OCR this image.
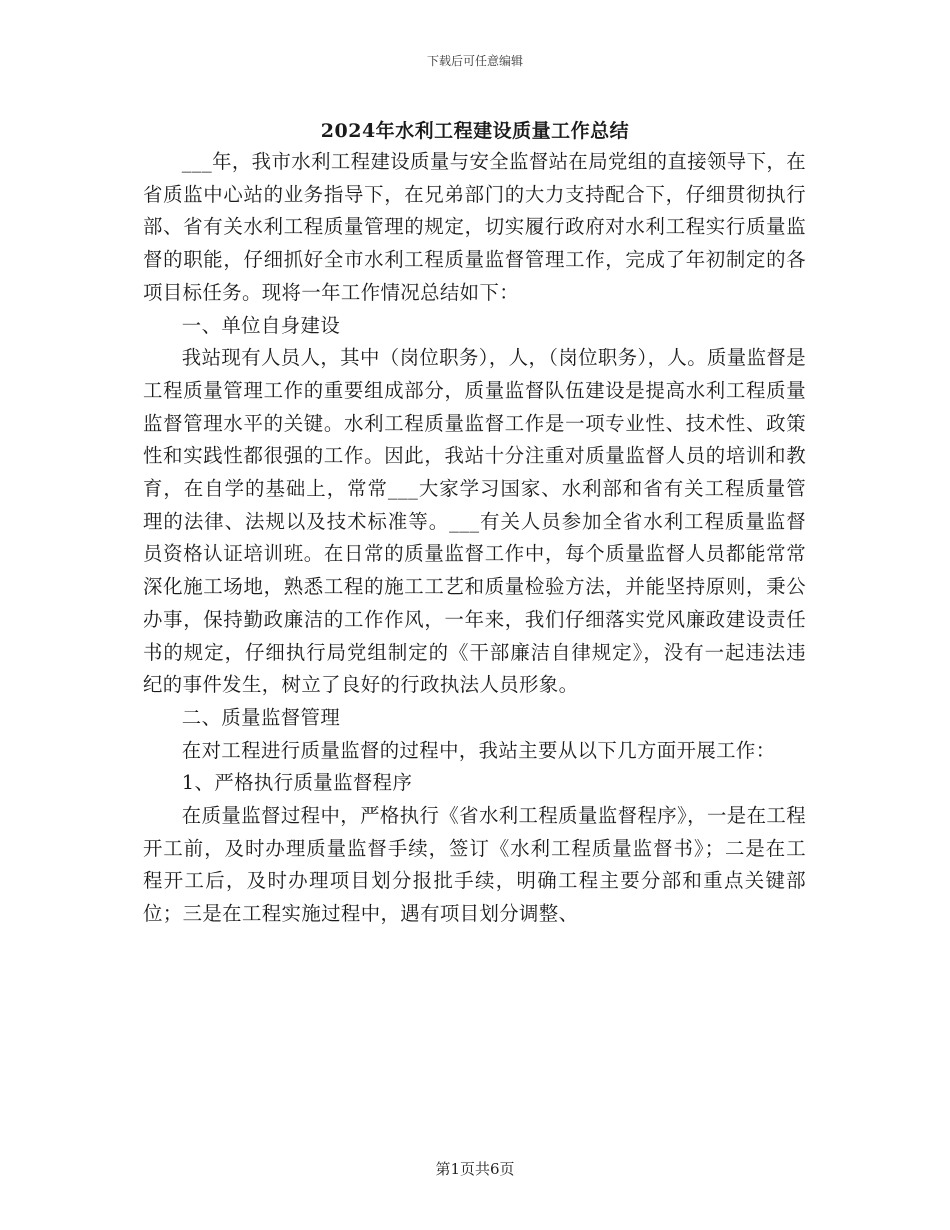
下载后可任意编辑
2024年水利工程建设质量工作总结

___年，我市水利工程建设质量与安全监督站在局党组的直接领导下，在省质监中心站的业务指导下，在兄弟部门的大力支持配合下，仔细贯彻执行部、省有关水利工程质量管理的规定，切实履行政府对水利工程实行质量监督的职能，仔细抓好全市水利工程质量监督管理工作，完成了年初制定的各项目标任务。现将一年工作情况总结如下：

一、单位自身建设

我站现有人员人，其中（岗位职务），人，（岗位职务），人。质量监督是工程质量管理工作的重要组成部分，质量监督队伍建设是提高水利工程质量监督管理水平的关键。水利工程质量监督工作是一项专业性、技术性、政策性和实践性都很强的工作。因此，我站十分注重对质量监督人员的培训和教育，在自学的基础上，常常___大家学习国家、水利部和省有关工程质量管理的法律、法规以及技术标准等。___有关人员参加全省水利工程质量监督员资格认证培训班。在日常的质量监督工作中，每个质量监督人员都能常常深化施工场地，熟悉工程的施工工艺和质量检验方法，并能坚持原则，秉公办事，保持勤政廉洁的工作作风，一年来，我们仔细落实党风廉政建设责任书的规定，仔细执行局党组制定的《干部廉洁自律规定》，没有一起违法违纪的事件发生，树立了良好的行政执法人员形象。

二、质量监督管理

在对工程进行质量监督的过程中，我站主要从以下几方面开展工作：

1、严格执行质量监督程序

在质量监督过程中，严格执行《省水利工程质量监督程序》，一是在工程开工前，及时办理质量监督手续，签订《水利工程质量监督书》；二是在工程开工后，及时办理项目划分报批手续，明确工程主要分部和重点关键部位；三是在工程实施过程中，遇有项目划分调整、

第1页共6页
